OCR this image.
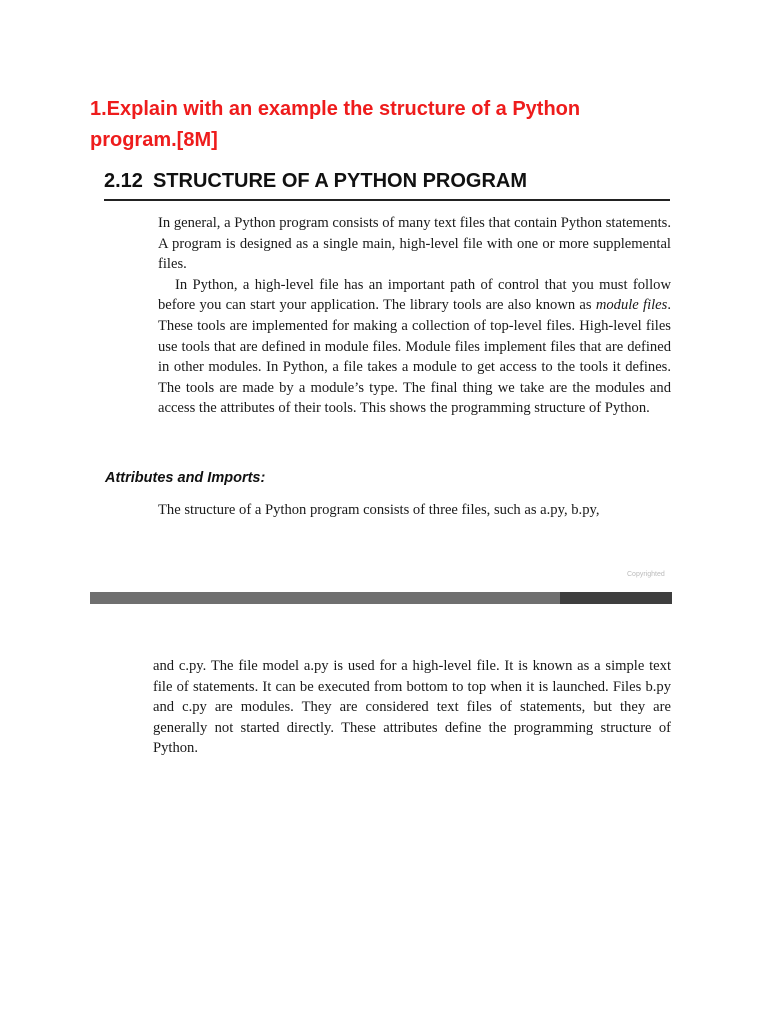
1.Explain with an example the structure of a Python
program.[8M]
2.12 STRUCTURE OF A PYTHON PROGRAM

In general, a Python program consists of many text files that contain Python statements. A program is designed as a single main, high-level file with one or more supplemental files.

In Python, a high-level file has an important path of control that you must follow before you can start your application. The library tools are also known as module files. These tools are implemented for making a collection of top-level files. High-level files use tools that are defined in module files. Module files implement files that are defined in other modules. In Python, a file takes a module to get access to the tools it defines. The tools are made by a module’s type. The final thing we take are the modules and access the attributes of their tools. This shows the programming structure of Python.

Attributes and Imports:

The structure of a Python program consists of three files, such as a.py, b.py,

Copyrighted

and c.py. The file model a.py is used for a high-level file. It is known as a simple text file of statements. It can be executed from bottom to top when it is launched. Files b.py and c.py are modules. They are considered text files of statements, but they are generally not started directly. These attributes define the programming structure of Python.
